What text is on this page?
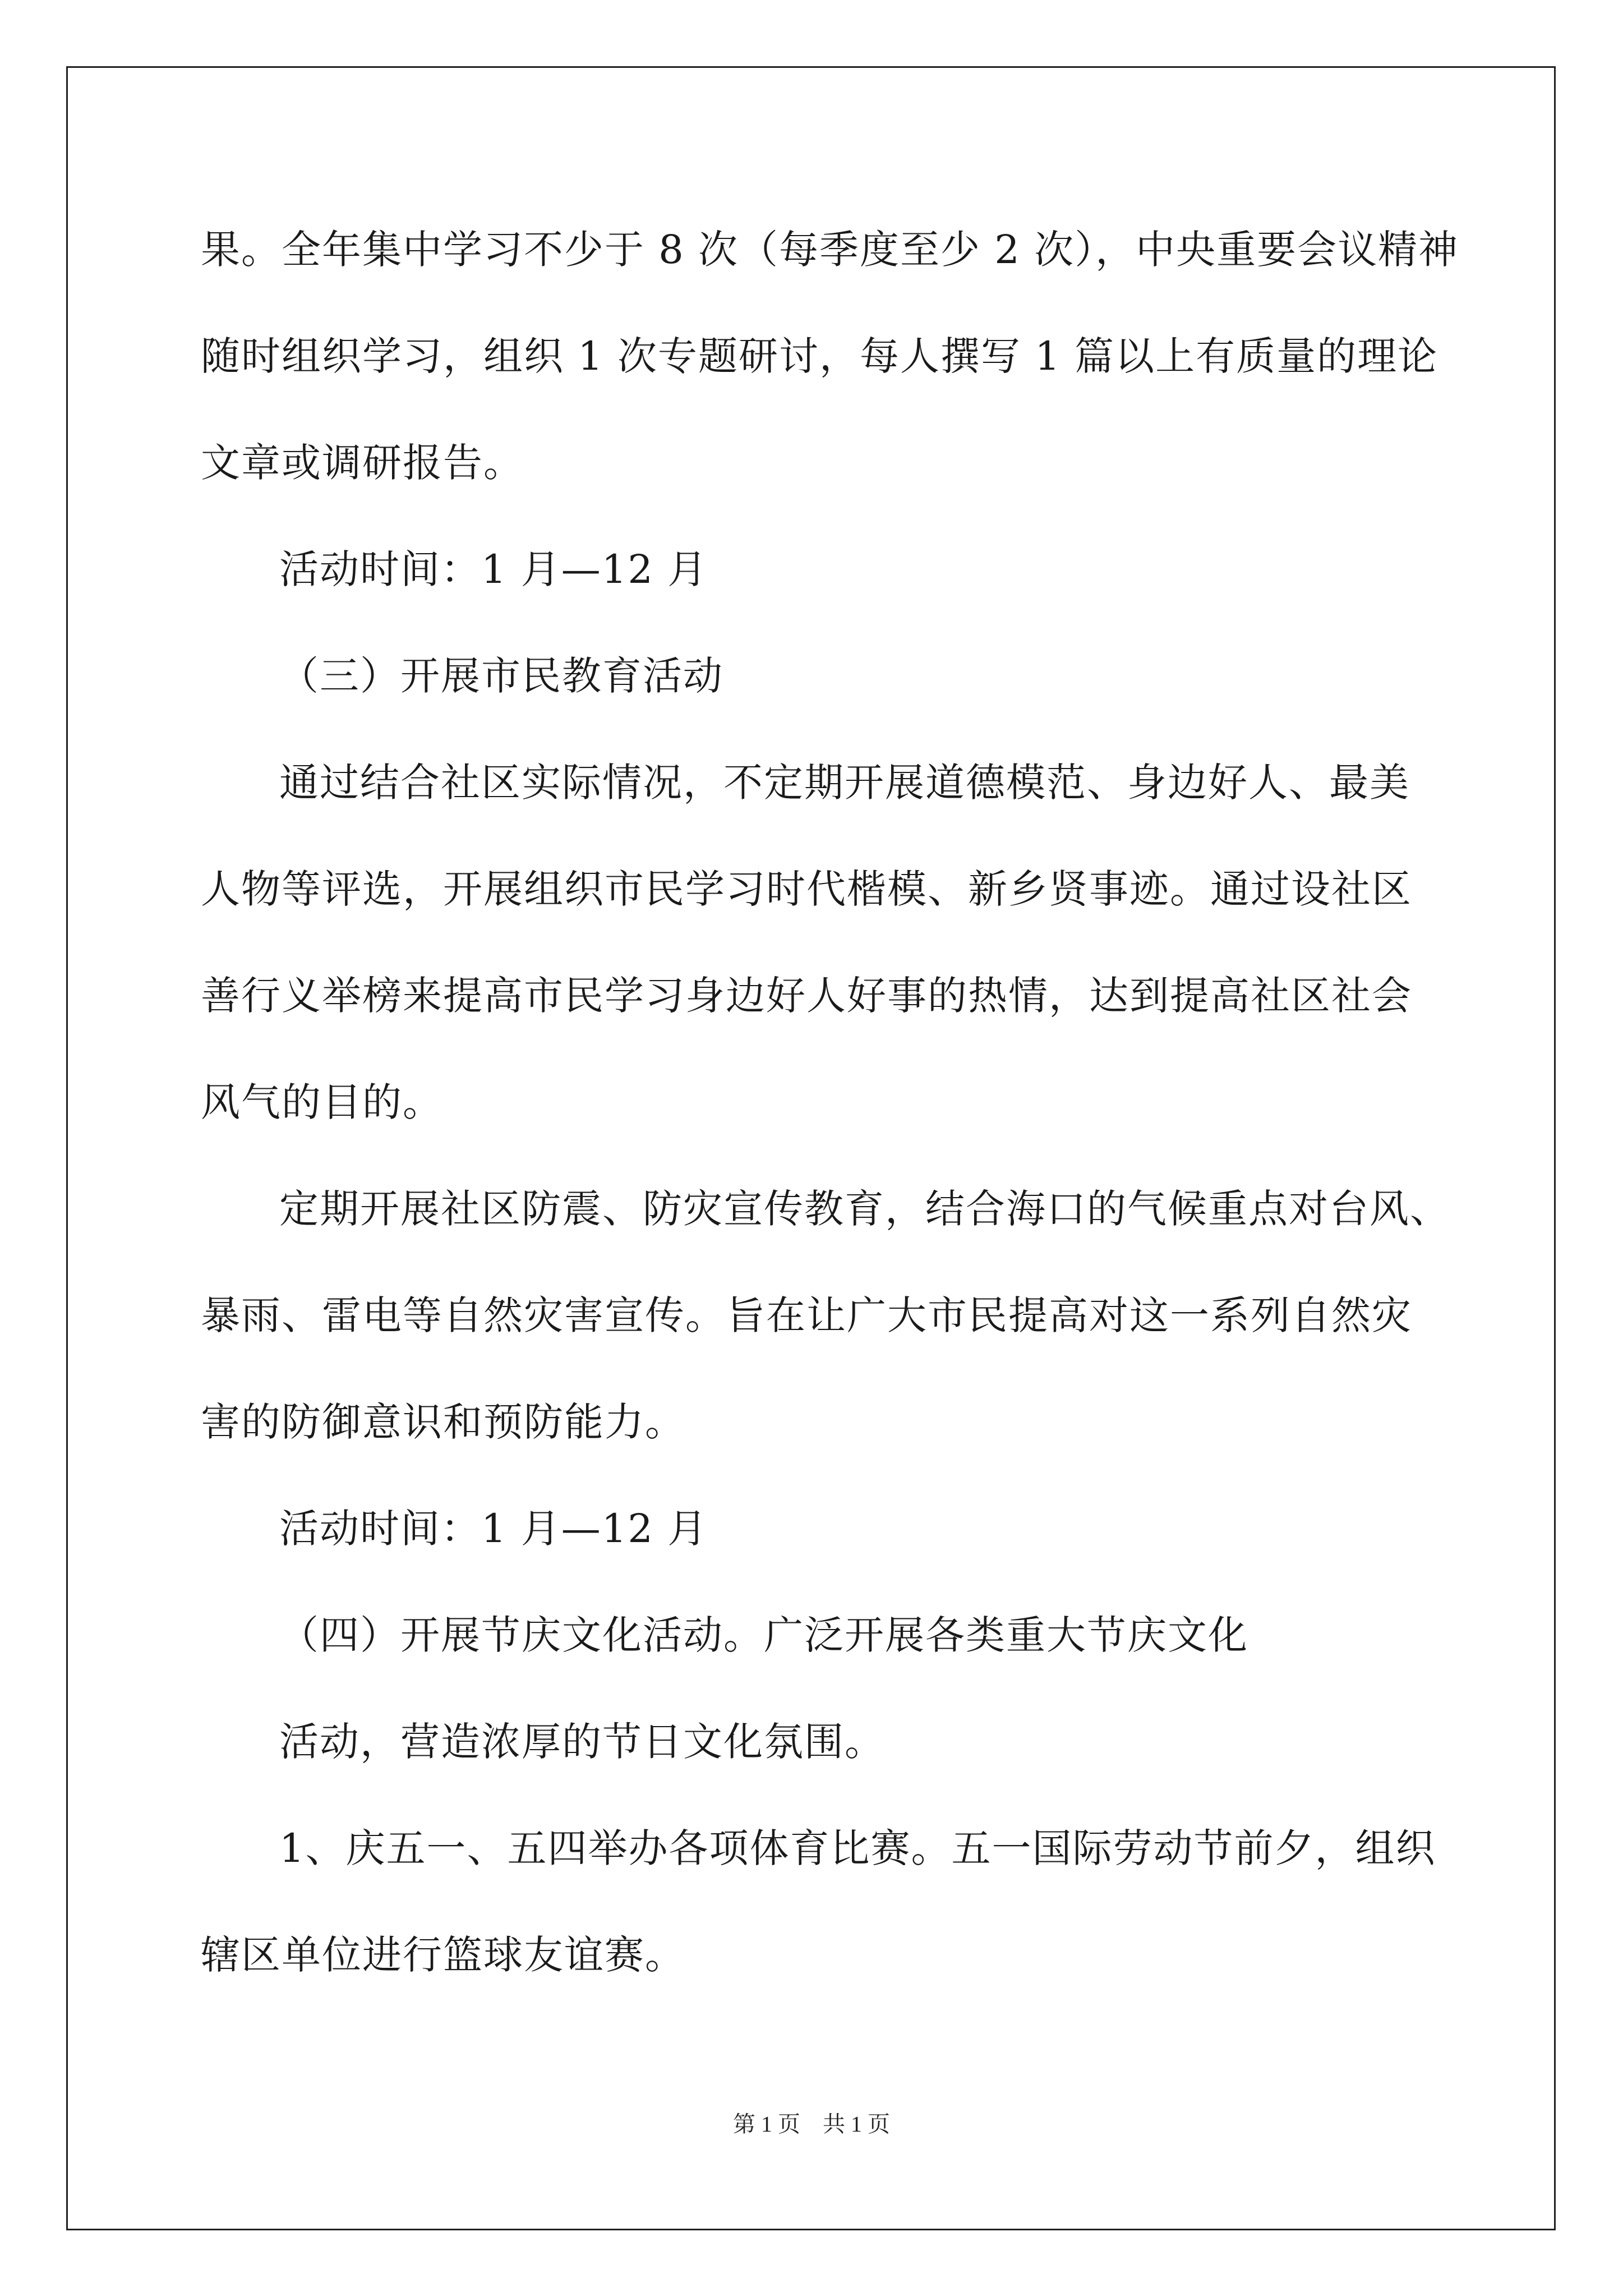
果。全年集中学习不少于 8 次（每季度至少 2 次），中央重要会议精神
随时组织学习，组织 1 次专题研讨，每人撰写 1 篇以上有质量的理论
文章或调研报告。
活动时间：1 月—12 月
（三）开展市民教育活动
通过结合社区实际情况，不定期开展道德模范、身边好人、最美
人物等评选，开展组织市民学习时代楷模、新乡贤事迹。通过设社区
善行义举榜来提高市民学习身边好人好事的热情，达到提高社区社会
风气的目的。
定期开展社区防震、防灾宣传教育，结合海口的气候重点对台风、
暴雨、雷电等自然灾害宣传。旨在让广大市民提高对这一系列自然灾
害的防御意识和预防能力。
活动时间：1 月—12 月
（四）开展节庆文化活动。广泛开展各类重大节庆文化
活动，营造浓厚的节日文化氛围。
1、庆五一、五四举办各项体育比赛。五一国际劳动节前夕，组织
辖区单位进行篮球友谊赛。
第 1 页　共 1 页
